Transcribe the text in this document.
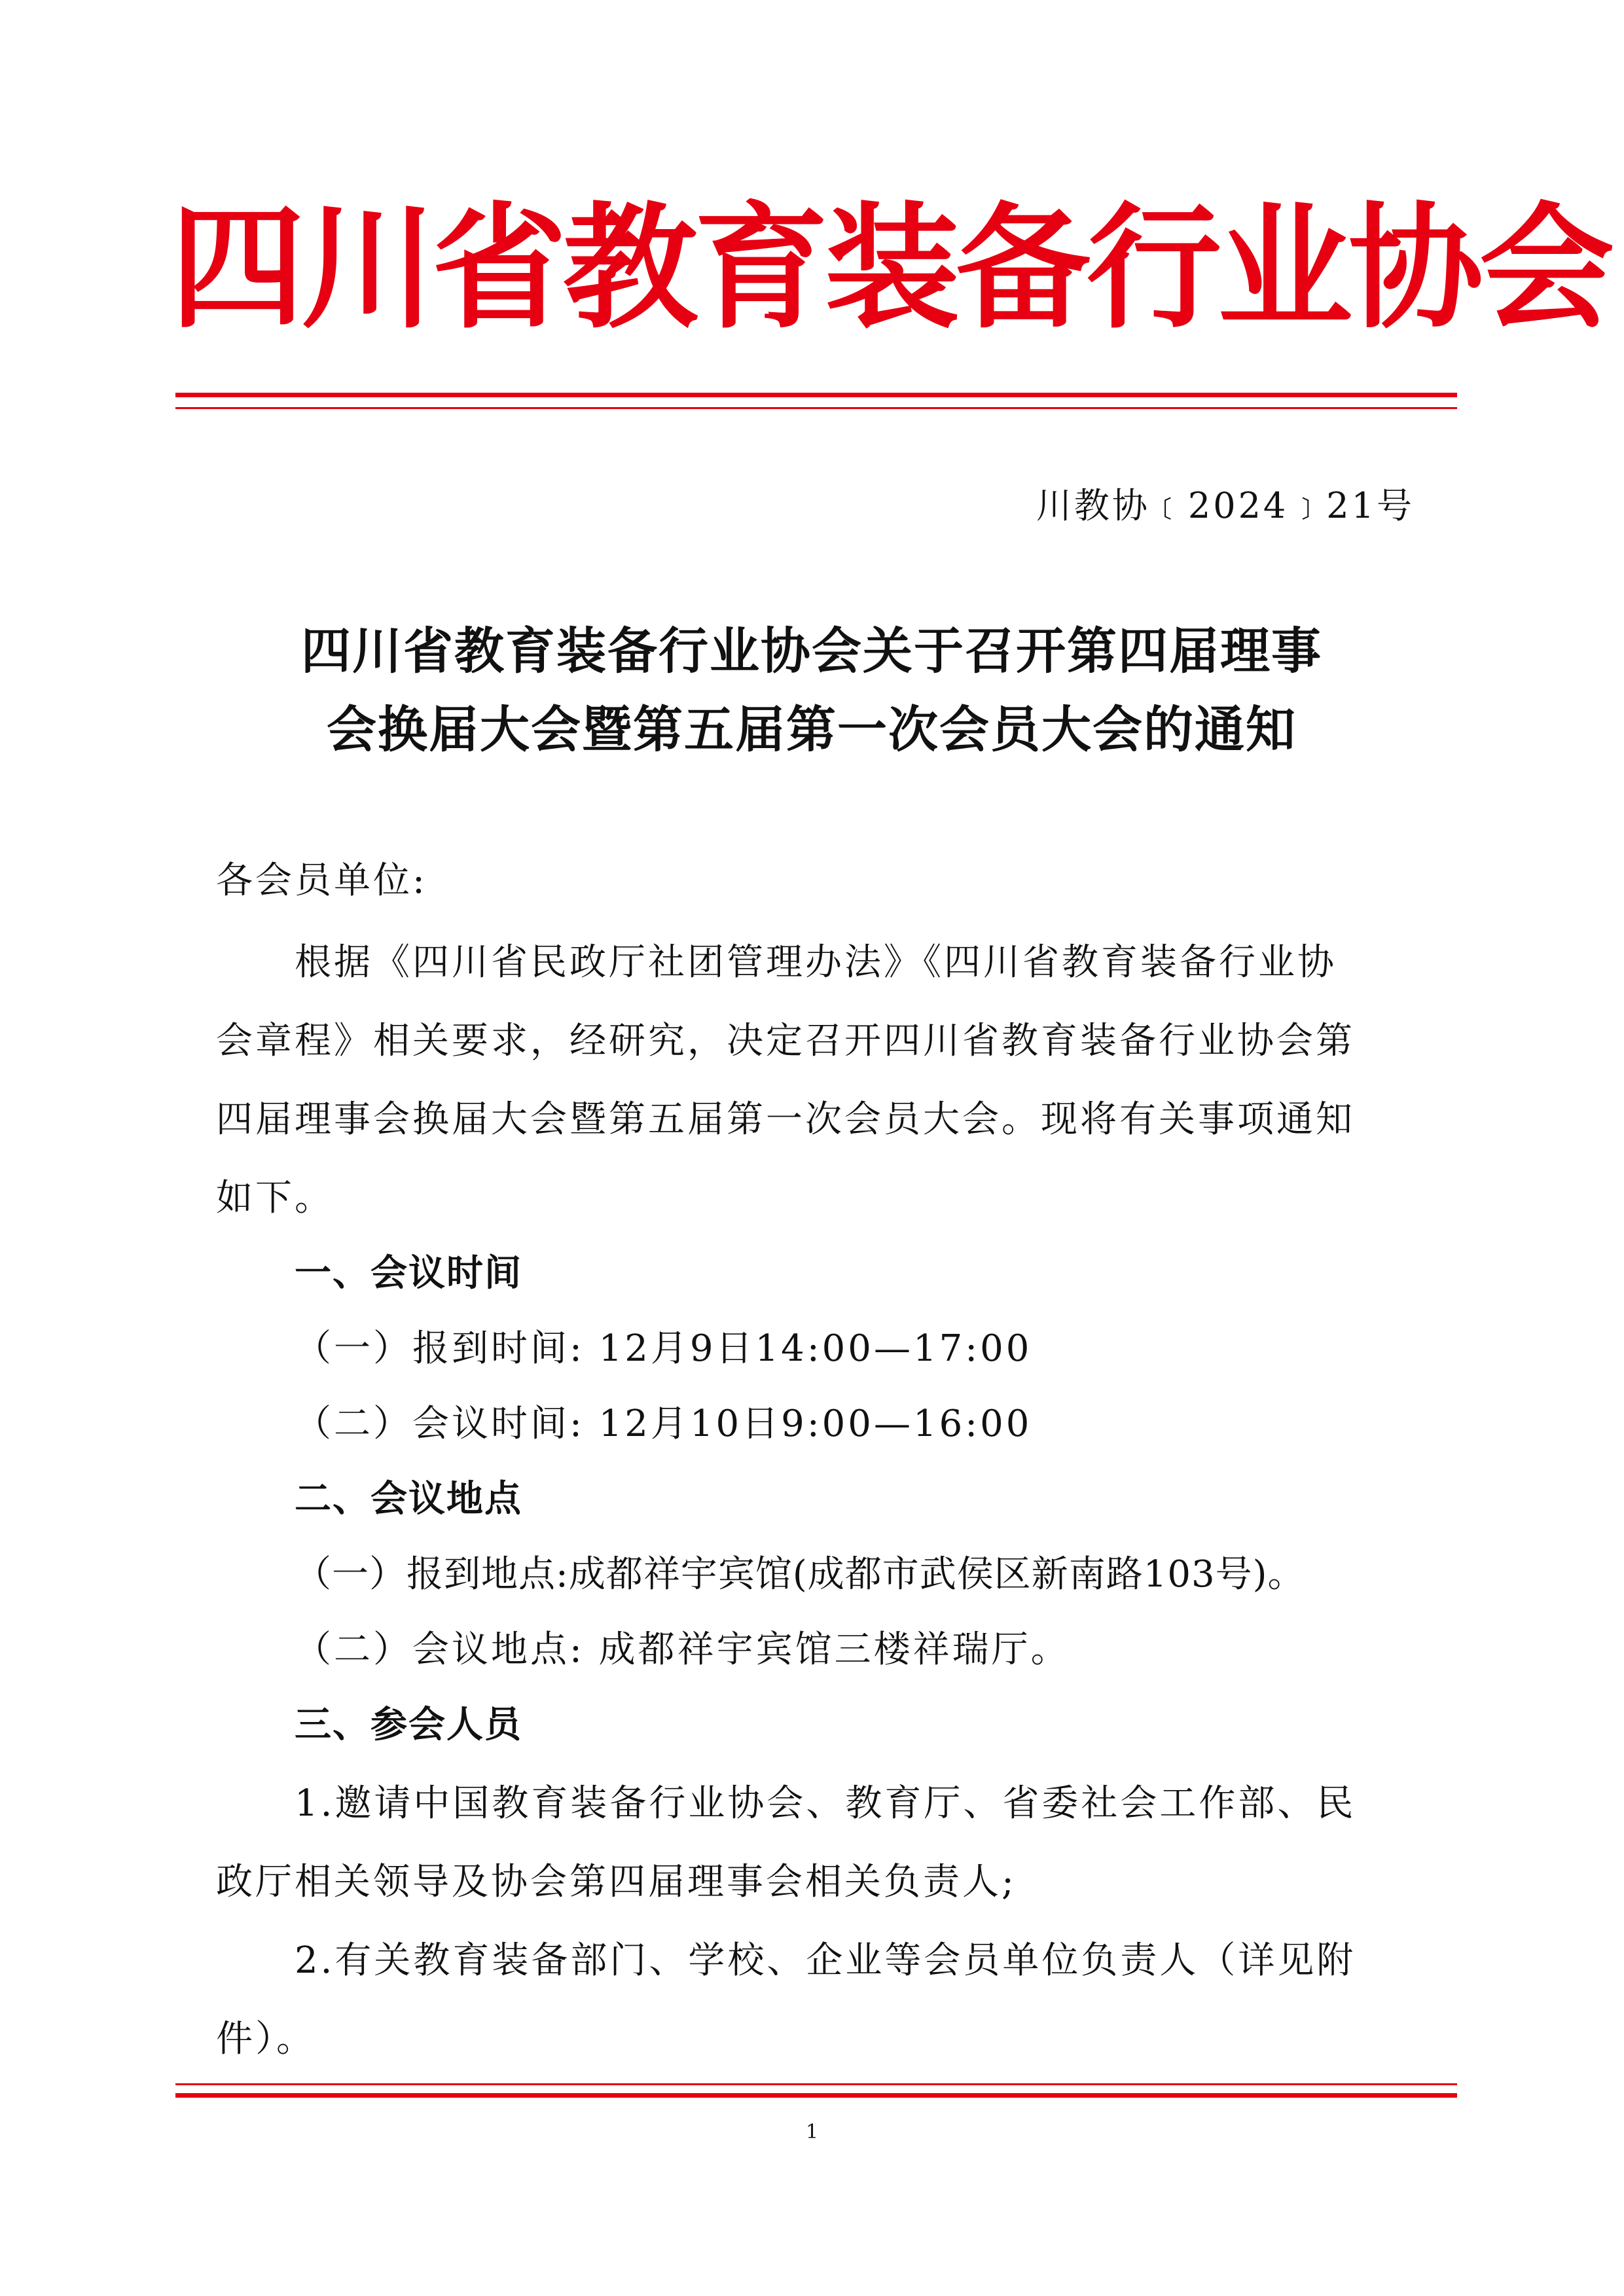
四川省教育装备行业协会
川教协﹝2024﹞21号
四川省教育装备行业协会关于召开第四届理事
会换届大会暨第五届第一次会员大会的通知
各会员单位:
根据《四川省民政厅社团管理办法》《四川省教育装备行业协
会章程》相关要求，经研究，决定召开四川省教育装备行业协会第
四届理事会换届大会暨第五届第一次会员大会。现将有关事项通知
如下。
一、会议时间
（一）报到时间: 12月9日14:00—17:00
（二）会议时间: 12月10日9:00—16:00
二、会议地点
（一）报到地点:成都祥宇宾馆(成都市武侯区新南路103号)。
（二）会议地点: 成都祥宇宾馆三楼祥瑞厅。
三、参会人员
1.邀请中国教育装备行业协会、教育厅、省委社会工作部、民
政厅相关领导及协会第四届理事会相关负责人;
2.有关教育装备部门、学校、企业等会员单位负责人（详见附
件）。
1
